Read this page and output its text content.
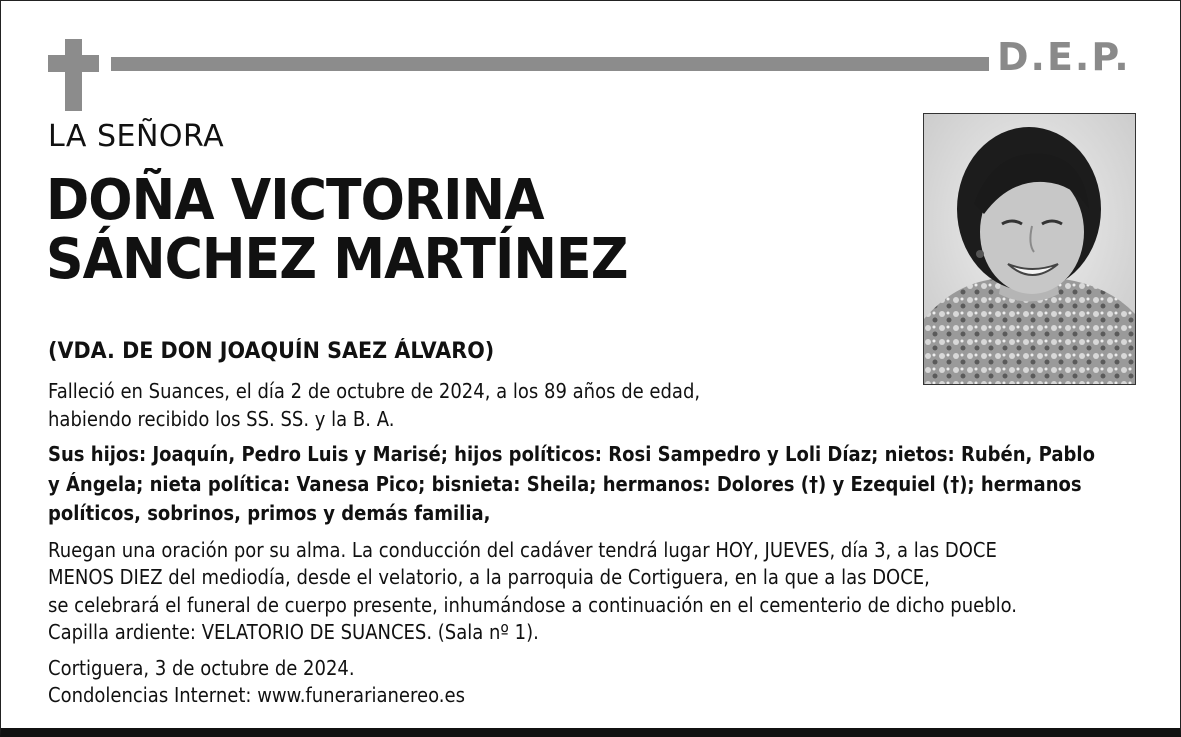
D.E.P.
LA SEÑORA
DOÑA VICTORINA
SÁNCHEZ MARTÍNEZ
(VDA. DE DON JOAQUÍN SAEZ ÁLVARO)
Falleció en Suances, el día 2 de octubre de 2024, a los 89 años de edad,
habiendo recibido los SS. SS. y la B. A.
Sus hijos: Joaquín, Pedro Luis y Marisé; hijos políticos: Rosi Sampedro y Loli Díaz; nietos: Rubén, Pablo
y Ángela; nieta política: Vanesa Pico; bisnieta: Sheila; hermanos: Dolores (†) y Ezequiel (†); hermanos
políticos, sobrinos, primos y demás familia,
Ruegan una oración por su alma. La conducción del cadáver tendrá lugar HOY, JUEVES, día 3, a las DOCE
MENOS DIEZ del mediodía, desde el velatorio, a la parroquia de Cortiguera, en la que a las DOCE,
se celebrará el funeral de cuerpo presente, inhumándose a continuación en el cementerio de dicho pueblo.
Capilla ardiente: VELATORIO DE SUANCES. (Sala nº 1).
Cortiguera, 3 de octubre de 2024.
Condolencias Internet: www.funerarianereo.es
